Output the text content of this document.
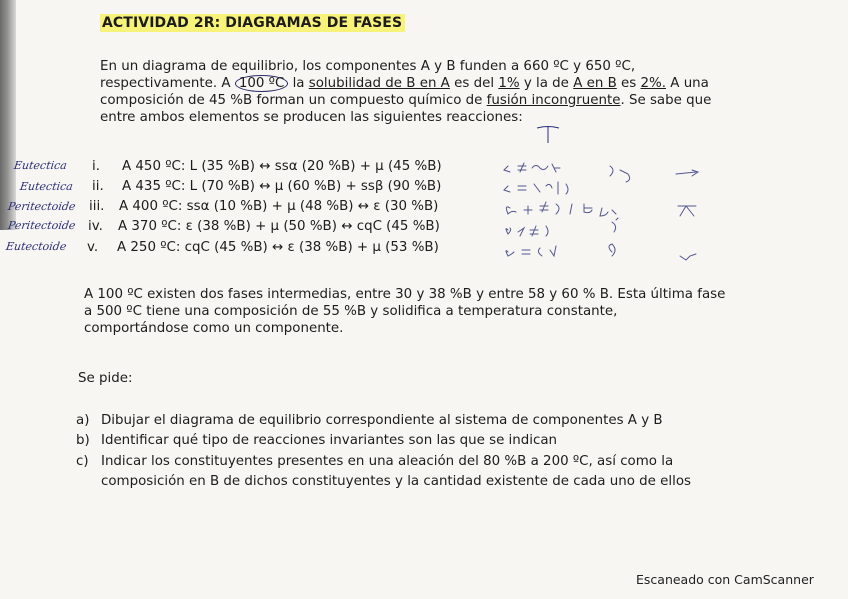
ACTIVIDAD 2R: DIAGRAMAS DE FASES
En un diagrama de equilibrio, los componentes A y B funden a 660 ºC y 650 ºC,
respectivamente. A 100 ºC la solubilidad de B en A es del 1% y la de A en B es 2%. A una
composición de 45 %B forman un compuesto químico de fusión incongruente. Se sabe que
entre ambos elementos se producen las siguientes reacciones:
i. A 450 ºC: L (35 %B) ↔ ssα (20 %B) + μ (45 %B)
ii. A 435 ºC: L (70 %B) ↔ μ (60 %B) + ssβ (90 %B)
iii. A 400 ºC: ssα (10 %B) + μ (48 %B) ↔ ε (30 %B)
iv. A 370 ºC: ε (38 %B) + μ (50 %B) ↔ cqC (45 %B)
v. A 250 ºC: cqC (45 %B) ↔ ε (38 %B) + μ (53 %B)
Eutectica
Eutectica
Peritectoide
Peritectoide
Eutectoide
A 100 ºC existen dos fases intermedias, entre 30 y 38 %B y entre 58 y 60 % B. Esta última fase
a 500 ºC tiene una composición de 55 %B y solidifica a temperatura constante,
comportándose como un componente.

Se pide:

a) Dibujar el diagrama de equilibrio correspondiente al sistema de componentes A y B
b) Identificar qué tipo de reacciones invariantes son las que se indican
c) Indicar los constituyentes presentes en una aleación del 80 %B a 200 ºC, así como la
composición en B de dichos constituyentes y la cantidad existente de cada uno de ellos
Escaneado con CamScanner
